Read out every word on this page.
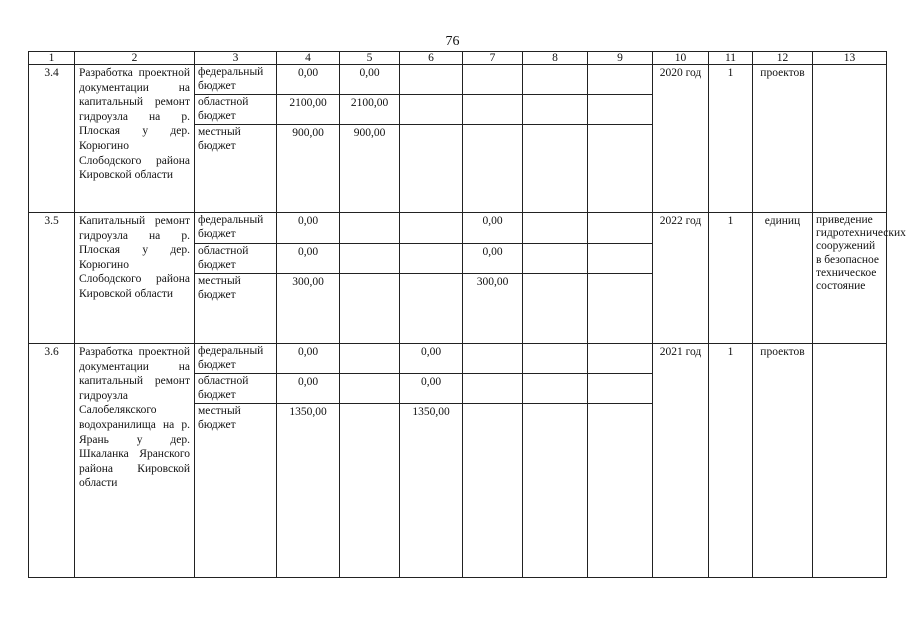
76
1	2	3	4	5	6	7	8	9	10	11	12	13
3.4	Разработка проектной документации на капитальный ремонт гидроузла на р. Плоская у дер. Корюгино Слободского района Кировской области	федеральный бюджет	0,00	0,00					2020 год	1	проектов	
		областной бюджет	2100,00	2100,00								
		местный бюджет	900,00	900,00								
3.5	Капитальный ремонт гидроузла на р. Плоская у дер. Корюгино Слободского района Кировской области	федеральный бюджет	0,00			0,00			2022 год	1	единиц	приведение гидротехнических сооружений в безопасное техническое состояние
		областной бюджет	0,00			0,00						
		местный бюджет	300,00			300,00						
3.6	Разработка проектной документации на капитальный ремонт гидроузла Салобелякского водохранилища на р. Ярань у дер. Шкаланка Яранского района Кировской области	федеральный бюджет	0,00		0,00				2021 год	1	проектов	
		областной бюджет	0,00		0,00							
		местный бюджет	1350,00		1350,00							
